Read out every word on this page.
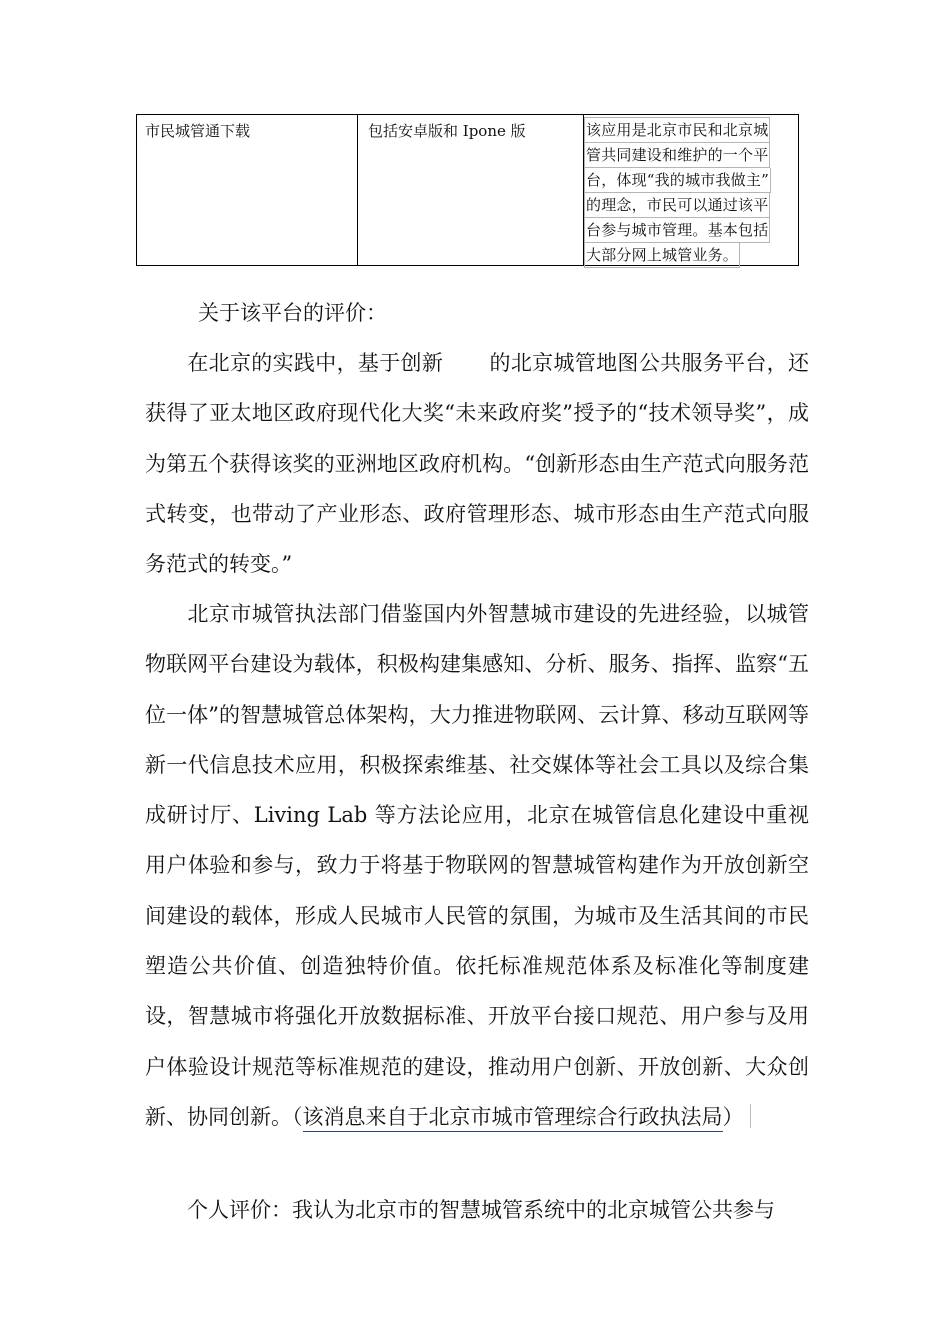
市民城管通下载	包括安卓版和 Ipone 版	该应用是北京市民和北京城
管共同建设和维护的一个平
台，体现“我的城市我做主”
的理念，市民可以通过该平
台参与城市管理。基本包括
大部分网上城管业务。
关于该平台的评价：
在北京的实践中，基于创新 的北京城管地图公共服务平台，还获得了亚太地区政府现代化大奖“未来政府奖”授予的“技术领导奖”，成为第五个获得该奖的亚洲地区政府机构。“创新形态由生产范式向服务范式转变，也带动了产业形态、政府管理形态、城市形态由生产范式向服务范式的转变。”
北京市城管执法部门借鉴国内外智慧城市建设的先进经验，以城管物联网平台建设为载体，积极构建集感知、分析、服务、指挥、监察“五位一体”的智慧城管总体架构，大力推进物联网、云计算、移动互联网等新一代信息技术应用，积极探索维基、社交媒体等社会工具以及综合集成研讨厅、Living Lab 等方法论应用，北京在城管信息化建设中重视用户体验和参与，致力于将基于物联网的智慧城管构建作为开放创新空间建设的载体，形成人民城市人民管的氛围，为城市及生活其间的市民塑造公共价值、创造独特价值。依托标准规范体系及标准化等制度建设，智慧城市将强化开放数据标准、开放平台接口规范、用户参与及用户体验设计规范等标准规范的建设，推动用户创新、开放创新、大众创新、协同创新。（该消息来自于北京市城市管理综合行政执法局）
个人评价：我认为北京市的智慧城管系统中的北京城管公共参与
